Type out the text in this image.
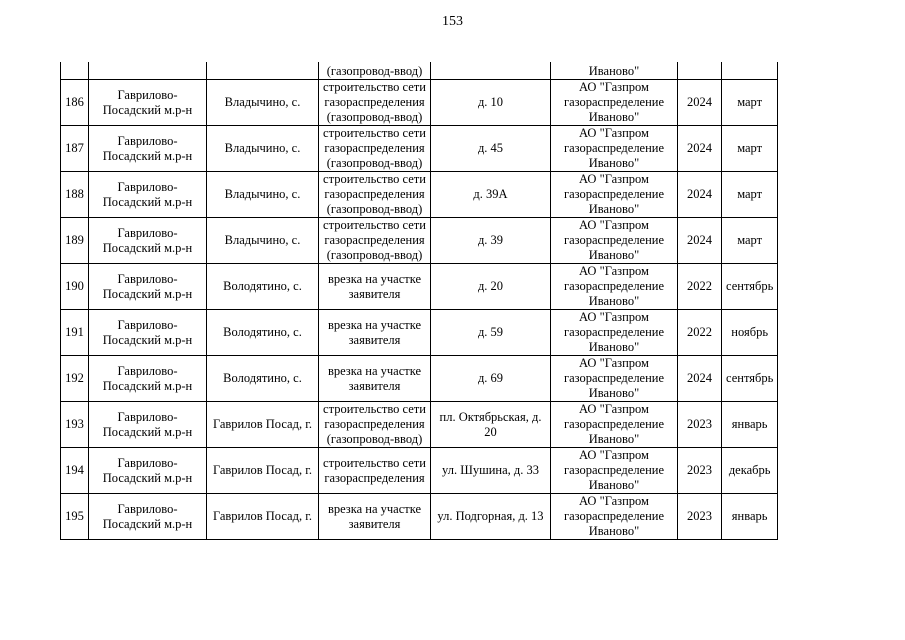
153
			(газопровод-ввод)		Иваново"		
186	Гаврилово-Посадский м.р-н	Владычино, с.	строительство сети газораспределения (газопровод-ввод)	д. 10	АО "Газпром газораспределение Иваново"	2024	март
187	Гаврилово-Посадский м.р-н	Владычино, с.	строительство сети газораспределения (газопровод-ввод)	д. 45	АО "Газпром газораспределение Иваново"	2024	март
188	Гаврилово-Посадский м.р-н	Владычино, с.	строительство сети газораспределения (газопровод-ввод)	д. 39А	АО "Газпром газораспределение Иваново"	2024	март
189	Гаврилово-Посадский м.р-н	Владычино, с.	строительство сети газораспределения (газопровод-ввод)	д. 39	АО "Газпром газораспределение Иваново"	2024	март
190	Гаврилово-Посадский м.р-н	Володятино, с.	врезка на участке заявителя	д. 20	АО "Газпром газораспределение Иваново"	2022	сентябрь
191	Гаврилово-Посадский м.р-н	Володятино, с.	врезка на участке заявителя	д. 59	АО "Газпром газораспределение Иваново"	2022	ноябрь
192	Гаврилово-Посадский м.р-н	Володятино, с.	врезка на участке заявителя	д. 69	АО "Газпром газораспределение Иваново"	2024	сентябрь
193	Гаврилово-Посадский м.р-н	Гаврилов Посад, г.	строительство сети газораспределения (газопровод-ввод)	пл. Октябрьская, д. 20	АО "Газпром газораспределение Иваново"	2023	январь
194	Гаврилово-Посадский м.р-н	Гаврилов Посад, г.	строительство сети газораспределения	ул. Шушина, д. 33	АО "Газпром газораспределение Иваново"	2023	декабрь
195	Гаврилово-Посадский м.р-н	Гаврилов Посад, г.	врезка на участке заявителя	ул. Подгорная, д. 13	АО "Газпром газораспределение Иваново"	2023	январь
